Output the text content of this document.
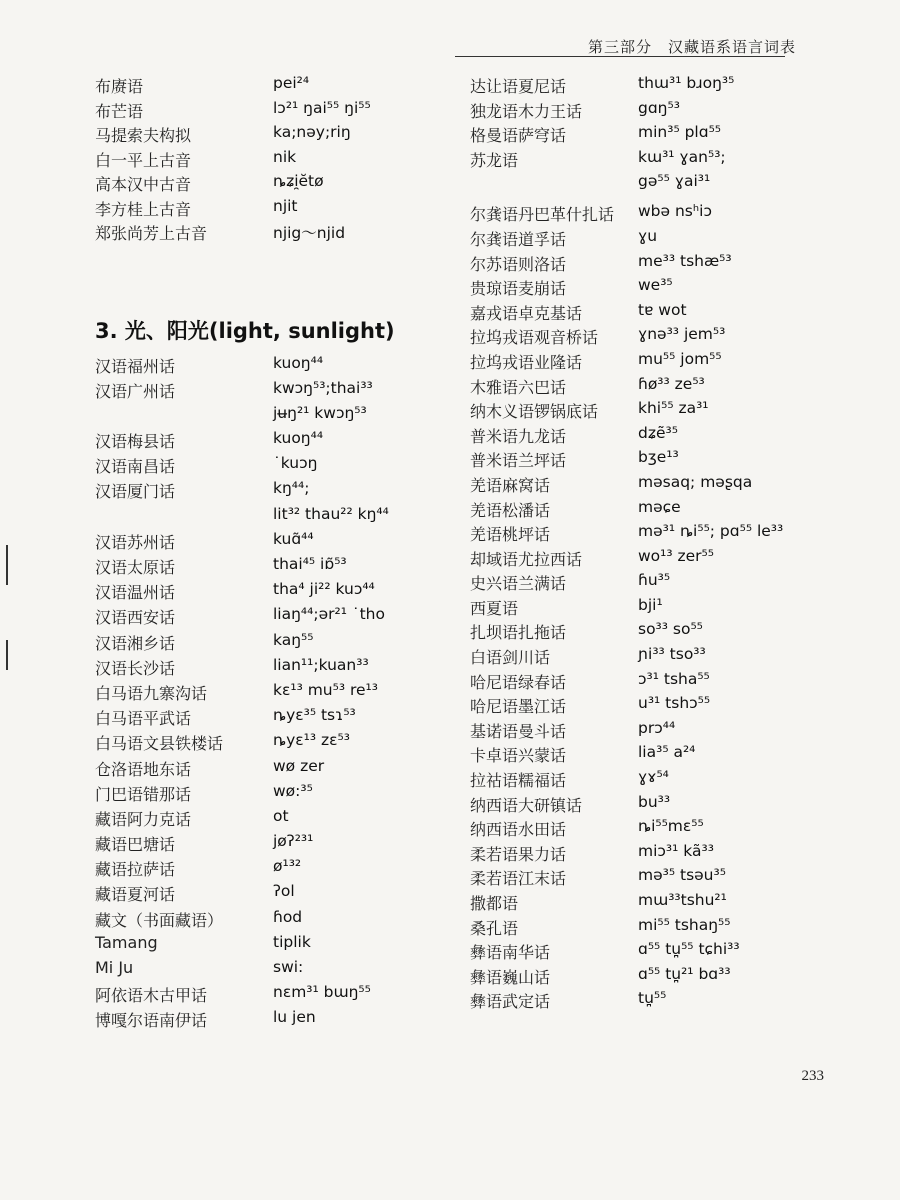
第三部分　汉藏语系语言词表
布赓语	pei²⁴
布芒语	lɔ²¹ ŋai⁵⁵ ŋi⁵⁵
马提索夫构拟	ka;nəy;riŋ
白一平上古音	nik
高本汉中古音	ȵʑi̯ĕtø
李方桂上古音	njit
郑张尚芳上古音	njig～njid
3. 光、阳光(light, sunlight)
汉语福州话	kuoŋ⁴⁴
汉语广州话	kwɔŋ⁵³;thai³³
jʉŋ²¹ kwɔŋ⁵³
汉语梅县话	kuoŋ⁴⁴
汉语南昌话	˙kuɔŋ
汉语厦门话	kŋ⁴⁴;
lit³² thau²² kŋ⁴⁴
汉语苏州话	kuɑ̃⁴⁴
汉语太原话	thai⁴⁵ iɒ̃⁵³
汉语温州话	tha⁴ ji²² kuɔ⁴⁴
汉语西安话	liaŋ⁴⁴;ər²¹ ˙tho
汉语湘乡话	kaŋ⁵⁵
汉语长沙话	lian¹¹;kuan³³
白马语九寨沟话	kɛ¹³ mu⁵³ re¹³
白马语平武话	ȵyɛ³⁵ tsɿ⁵³
白马语文县铁楼话	ȵyɛ¹³ zɛ⁵³
仓洛语地东话	wø zer
门巴语错那话	wø:³⁵
藏语阿力克话	ot
藏语巴塘话	jøʔ²³¹
藏语拉萨话	ø¹³²
藏语夏河话	ʔol
藏文（书面藏语）	ɦod
Tamang	tiplik
Mi Ju	swi:
阿依语木古甲话	nɛm³¹ bɯŋ⁵⁵
博嘎尔语南伊话	lu jen
达让语夏尼话	thɯ³¹ bɹoŋ³⁵
独龙语木力王话	gɑŋ⁵³
格曼语萨穹话	min³⁵ plɑ⁵⁵
苏龙语	kɯ³¹ ɣan⁵³;
gə⁵⁵ ɣai³¹
尔龚语丹巴革什扎话	wbə nsʰiɔ
尔龚语道孚话	ɣu
尔苏语则洛话	me³³ tshæ⁵³
贵琼语麦崩话	we³⁵
嘉戎语卓克基话	tɐ wot
拉坞戎语观音桥话	ɣnə³³ jem⁵³
拉坞戎语业隆话	mu⁵⁵ jom⁵⁵
木雅语六巴话	ɦø³³ ze⁵³
纳木义语锣锅底话	khi⁵⁵ za³¹
普米语九龙话	dʑẽ³⁵
普米语兰坪话	bʒe¹³
羌语麻窝话	məsaq; məʂqa
羌语松潘话	məɕe
羌语桃坪话	mə³¹ ȵi⁵⁵; pɑ⁵⁵ le³³
却域语尤拉西话	wo¹³ zer⁵⁵
史兴语兰满话	ɦu³⁵
西夏语	bji¹
扎坝语扎拖话	so³³ so⁵⁵
白语剑川话	ɲi³³ tso³³
哈尼语绿春话	ɔ³¹ tsha⁵⁵
哈尼语墨江话	u³¹ tshɔ⁵⁵
基诺语曼斗话	prɔ⁴⁴
卡卓语兴蒙话	lia³⁵ a²⁴
拉祜语糯福话	ɣɤ⁵⁴
纳西语大研镇话	bu³³
纳西语水田话	ȵi⁵⁵mɛ⁵⁵
柔若语果力话	miɔ³¹ kã³³
柔若语江末话	mə³⁵ tsəu³⁵
撒都语	mɯ³³tshu²¹
桑孔语	mi⁵⁵ tshaŋ⁵⁵
彝语南华话	ɑ⁵⁵ tu̪⁵⁵ tɕhi³³
彝语巍山话	ɑ⁵⁵ tu̪²¹ bɑ³³
彝语武定话	tu̪⁵⁵
233
